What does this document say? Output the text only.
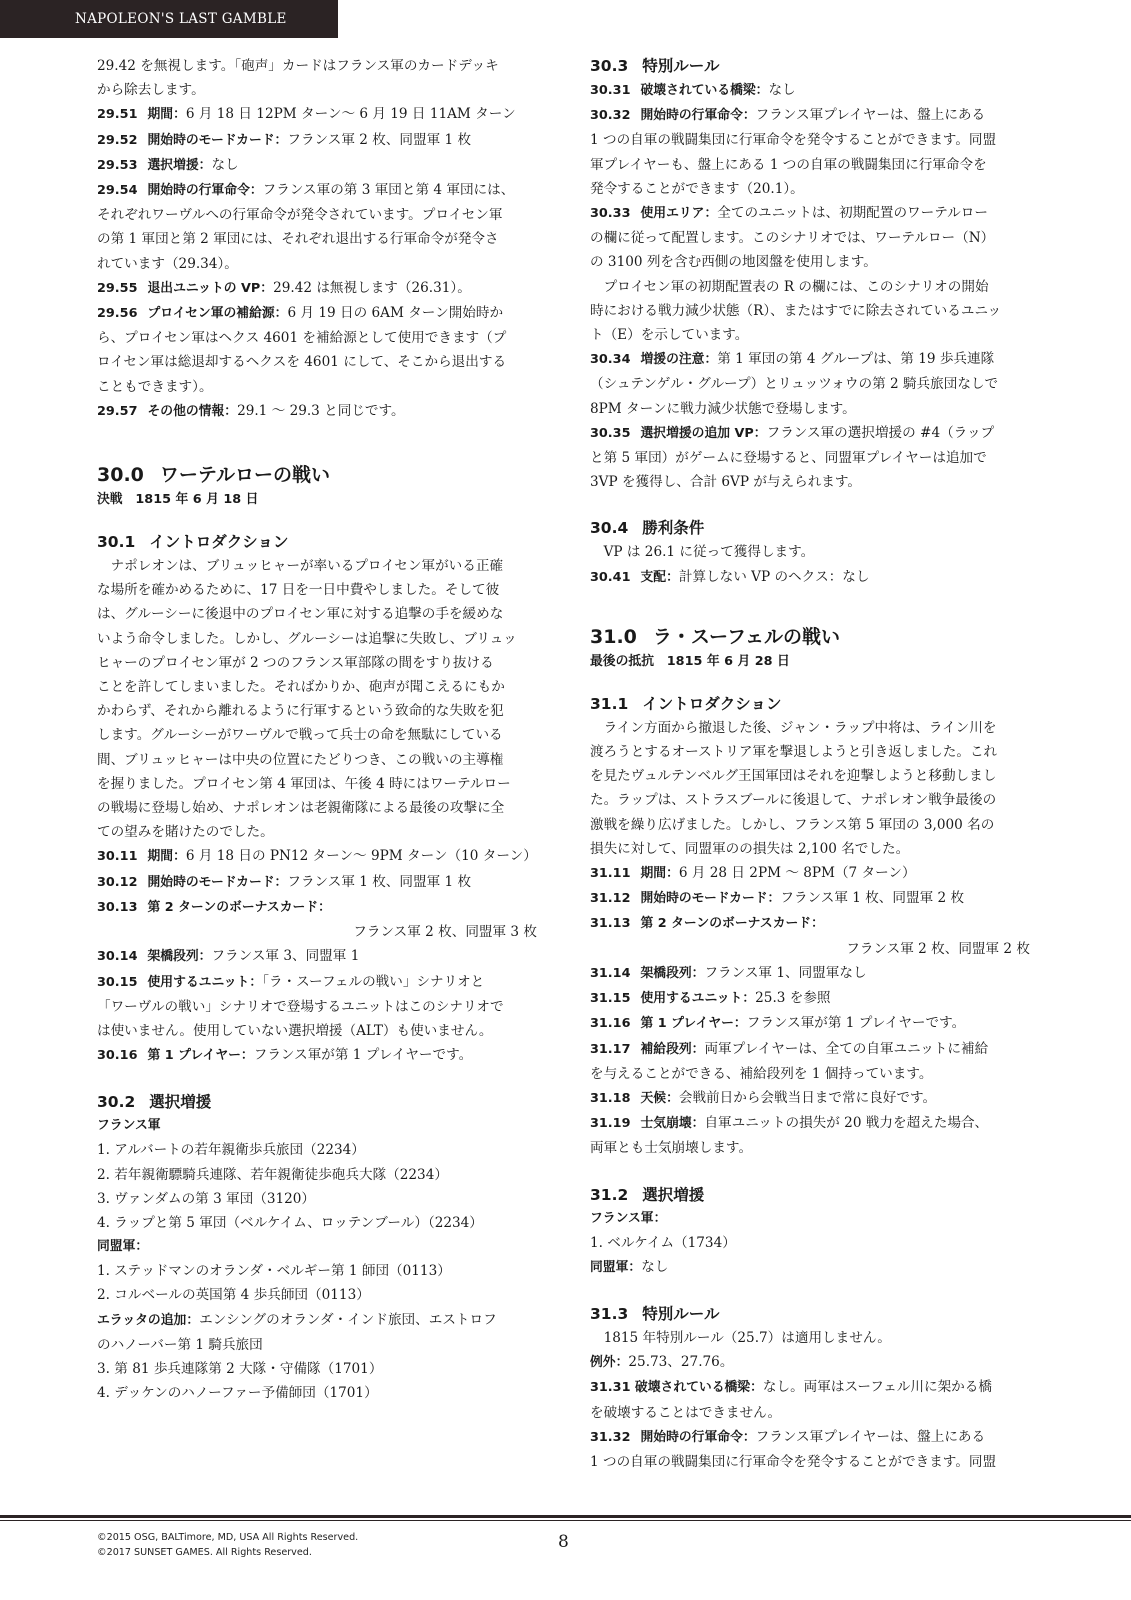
NAPOLEON'S LAST GAMBLE

29.42 を無視します。「砲声」カードはフランス軍のカードデッキ

から除去します。

29.51 期間：6 月 18 日 12PM ターン〜 6 月 19 日 11AM ターン

29.52 開始時のモードカード：フランス軍 2 枚、同盟軍 1 枚

29.53 選択増援：なし

29.54 開始時の行軍命令：フランス軍の第 3 軍団と第 4 軍団には、

それぞれワーヴルへの行軍命令が発令されています。プロイセン軍

の第 1 軍団と第 2 軍団には、それぞれ退出する行軍命令が発令さ

れています（29.34）。

29.55 退出ユニットの VP：29.42 は無視します（26.31）。

29.56 プロイセン軍の補給源：6 月 19 日の 6AM ターン開始時か

ら、プロイセン軍はヘクス 4601 を補給源として使用できます（プ

ロイセン軍は総退却するヘクスを 4601 にして、そこから退出する

こともできます）。

29.57 その他の情報：29.1 〜 29.3 と同じです。

30.0 ワーテルローの戦い

決戦　1815 年 6 月 18 日

30.1 イントロダクション

ナポレオンは、ブリュッヒャーが率いるプロイセン軍がいる正確

な場所を確かめるために、17 日を一日中費やしました。そして彼

は、グルーシーに後退中のプロイセン軍に対する追撃の手を緩めな

いよう命令しました。しかし、グルーシーは追撃に失敗し、ブリュッ

ヒャーのプロイセン軍が 2 つのフランス軍部隊の間をすり抜ける

ことを許してしまいました。そればかりか、砲声が聞こえるにもか

かわらず、それから離れるように行軍するという致命的な失敗を犯

します。グルーシーがワーヴルで戦って兵士の命を無駄にしている

間、ブリュッヒャーは中央の位置にたどりつき、この戦いの主導権

を握りました。プロイセン第 4 軍団は、午後 4 時にはワーテルロー

の戦場に登場し始め、ナポレオンは老親衛隊による最後の攻撃に全

ての望みを賭けたのでした。

30.11 期間：6 月 18 日の PN12 ターン〜 9PM ターン（10 ターン）

30.12 開始時のモードカード：フランス軍 1 枚、同盟軍 1 枚

30.13 第 2 ターンのボーナスカード：

フランス軍 2 枚、同盟軍 3 枚

30.14 架橋段列：フランス軍 3、同盟軍 1

30.15 使用するユニット：「ラ・スーフェルの戦い」シナリオと

「ワーヴルの戦い」シナリオで登場するユニットはこのシナリオで

は使いません。使用していない選択増援（ALT）も使いません。

30.16 第 1 プレイヤー：フランス軍が第 1 プレイヤーです。

30.2 選択増援

フランス軍

1. アルバートの若年親衛歩兵旅団（2234）

2. 若年親衛驃騎兵連隊、若年親衛徒歩砲兵大隊（2234）

3. ヴァンダムの第 3 軍団（3120）

4. ラップと第 5 軍団（ベルケイム、ロッテンブール）（2234）

同盟軍：

1. ステッドマンのオランダ・ベルギー第 1 師団（0113）

2. コルベールの英国第 4 歩兵師団（0113）

エラッタの追加：エンシングのオランダ・インド旅団、エストロフ

のハノーバー第 1 騎兵旅団

3. 第 81 歩兵連隊第 2 大隊・守備隊（1701）

4. デッケンのハノーファー予備師団（1701）

30.3 特別ルール

30.31 破壊されている橋梁：なし

30.32 開始時の行軍命令：フランス軍プレイヤーは、盤上にある

1 つの自軍の戦闘集団に行軍命令を発令することができます。同盟

軍プレイヤーも、盤上にある 1 つの自軍の戦闘集団に行軍命令を

発令することができます（20.1）。

30.33 使用エリア：全てのユニットは、初期配置のワーテルロー

の欄に従って配置します。このシナリオでは、ワーテルロー（N）

の 3100 列を含む西側の地図盤を使用します。

プロイセン軍の初期配置表の R の欄には、このシナリオの開始

時における戦力減少状態（R）、またはすでに除去されているユニッ

ト（E）を示しています。

30.34 増援の注意：第 1 軍団の第 4 グループは、第 19 歩兵連隊

（シュテンゲル・グループ）とリュッツォウの第 2 騎兵旅団なしで

8PM ターンに戦力減少状態で登場します。

30.35 選択増援の追加 VP：フランス軍の選択増援の #4（ラップ

と第 5 軍団）がゲームに登場すると、同盟軍プレイヤーは追加で

3VP を獲得し、合計 6VP が与えられます。

30.4 勝利条件

VP は 26.1 に従って獲得します。

30.41 支配：計算しない VP のヘクス：なし

31.0 ラ・スーフェルの戦い

最後の抵抗　1815 年 6 月 28 日

31.1 イントロダクション

ライン方面から撤退した後、ジャン・ラップ中将は、ライン川を

渡ろうとするオーストリア軍を撃退しようと引き返しました。これ

を見たヴュルテンベルグ王国軍団はそれを迎撃しようと移動しまし

た。ラップは、ストラスブールに後退して、ナポレオン戦争最後の

激戦を繰り広げました。しかし、フランス第 5 軍団の 3,000 名の

損失に対して、同盟軍のの損失は 2,100 名でした。

31.11 期間：6 月 28 日 2PM 〜 8PM（7 ターン）

31.12 開始時のモードカード：フランス軍 1 枚、同盟軍 2 枚

31.13 第 2 ターンのボーナスカード：

フランス軍 2 枚、同盟軍 2 枚

31.14 架橋段列：フランス軍 1、同盟軍なし

31.15 使用するユニット：25.3 を参照

31.16 第 1 プレイヤー：フランス軍が第 1 プレイヤーです。

31.17 補給段列：両軍プレイヤーは、全ての自軍ユニットに補給

を与えることができる、補給段列を 1 個持っています。

31.18 天候：会戦前日から会戦当日まで常に良好です。

31.19 士気崩壊：自軍ユニットの損失が 20 戦力を超えた場合、

両軍とも士気崩壊します。

31.2 選択増援

フランス軍：

1. ベルケイム（1734）

同盟軍：なし

31.3 特別ルール

1815 年特別ルール（25.7）は適用しません。

例外：25.73、27.76。

31.31 破壊されている橋梁：なし。両軍はスーフェル川に架かる橋

を破壊することはできません。

31.32 開始時の行軍命令：フランス軍プレイヤーは、盤上にある

1 つの自軍の戦闘集団に行軍命令を発令することができます。同盟

©2015 OSG, BALTimore, MD, USA All Rights Reserved.
©2017 SUNSET GAMES. All Rights Reserved.
8
